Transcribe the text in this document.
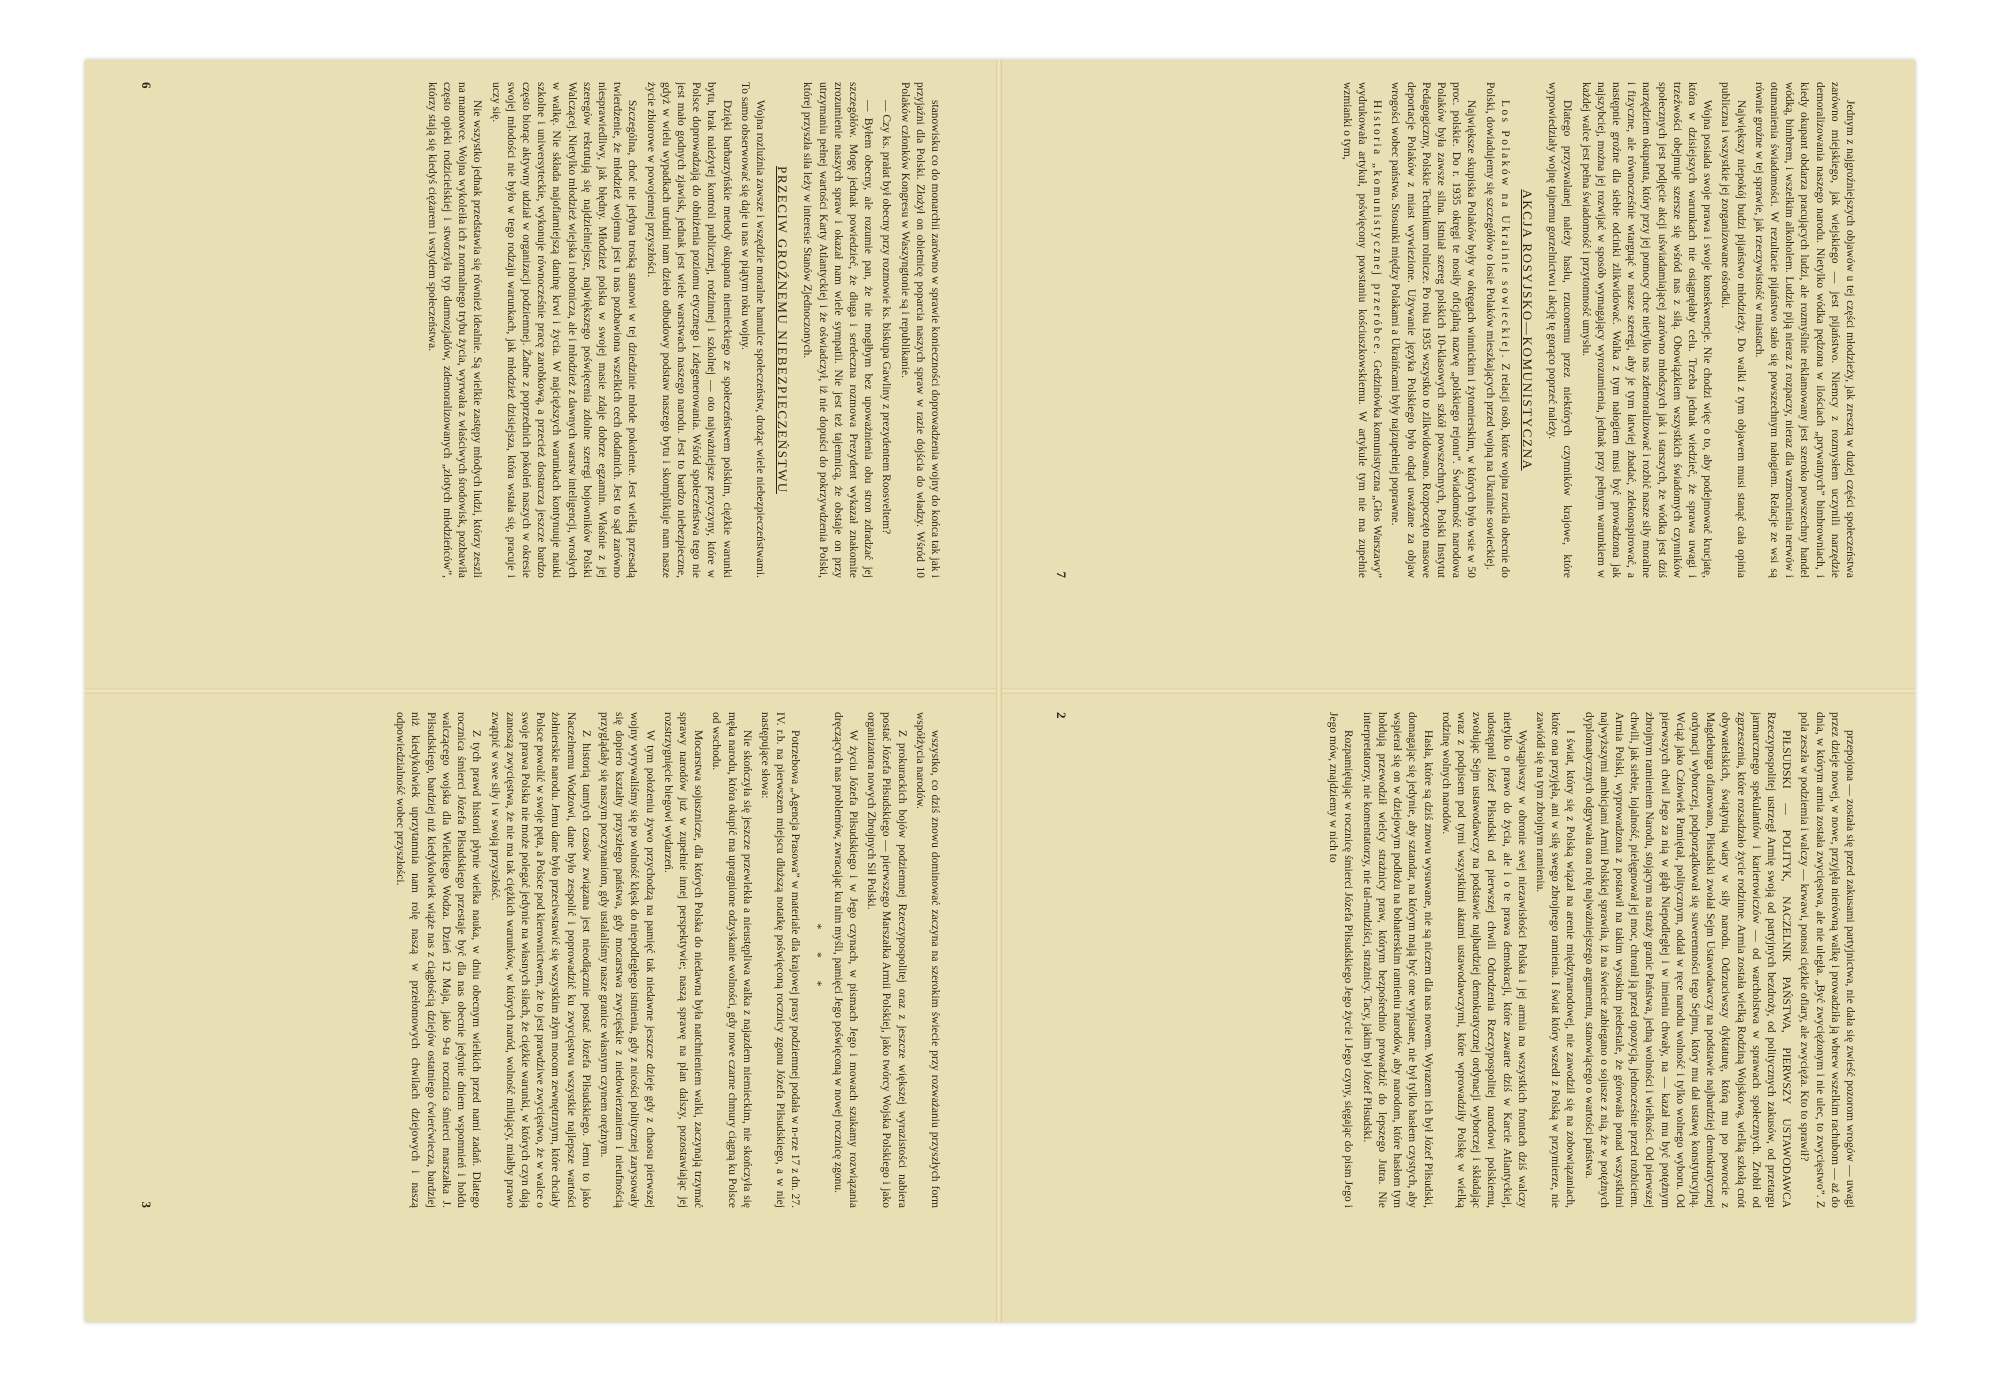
stanowisku co do monarchii zarówno w sprawie konieczności doprowadzenia wojny do końca tak jak i przyjaźni dla Polski. Złożył on obietnicę poparcia naszych spraw w razie dojścia do władzy. Wśród 10 Polaków członków Kongresu w Waszyngtonie są i republikanie.

— Czy ks. prałat był obecny przy rozmowie ks. biskupa Gawliny z prezydentem Roosveltem?

— Byłem obecny, ale rozumie pan, że nie mogłbym bez upoważnienia obu stron zdradzać jej szczegółów. Mogę jednak powiedzieć, że długa i serdeczna rozmowa Prezydent wykazał znakomite zrozumienie naszych spraw i okazał nam wiele sympatii. Nie jest też tajemnicą, że obstaje on przy utrzymaniu pełnej wartości Karty Atlantyckiej i że oświadczył, iż nie dopuści do pokrzywdzenia Polski, której przyszła siła leży w interesie Stanów Zjednoczonych.

PRZECIW GROŹNEMU NIEBEZPIECZEŃSTWU

Wojna rozluźnia zawsze i wszędzie moralne hamulce społeczeństw, drożąc wiele niebezpieczeństwami. To samo obserwować się daje u nas w piątym roku wojny.

Dzięki barbarzyńskie metody okupanta niemieckiego ze społeczeństwem polskim, ciężkie warunki bytu, brak należytej kontroli publicznej, rodzinnej i szkolnej — oto najważniejsze przyczyny, które w Polsce doprowadzają do obniżenia poziomu etycznego i zdegenerowania. Wśród społeczeństwa tego nie jest mało godnych zjawisk, jednak jest wiele warstwach naszego narodu. Jest to bardzo niebezpieczne, gdyż w wielu wypadkach utrudni nam dzieło odbudowy podstaw naszego bytu i skomplikuje nam nasze życie zbiorowe w powojennej przyszłości.

Szczególna, choć nie jedyna troską stanowi w tej dziedzinie młode pokolenie. Jest wielką przesadą twierdzenie, że młodzież wojenna jest u nas pozbawiona wszelkich cech dodatnich. Jest to sąd zarówno niesprawiedliwy, jak błędny. Młodzież polska w swojej masie zdaje dobrze egzamin. Właśnie z jej szeregów rekrutują się najdzielniejsze, największego poświęcenia zdolne szeregi bojowników Polski Walczącej. Nietylko młodzież wiejska i robotnicza, ale i młodzież z dawnych warstw inteligencji, wrosłych w walkę. Nie składa najofiarniejszą daninę krwi i życia. W najcięższych warunkach kontynuuje nauki szkolne i uniwersyteckie, wykonuje równocześnie pracę zarobkową, a przecież dostarcza jeszcze bardzo często biorąc aktywny udział w organizacji podziemnej. Żadne z poprzednich pokoleń naszych w okresie swojej młodości nie było w tego rodzaju warunkach, jak młodzież dzisiejsza, która wstała się, pracuje i uczy się.

Nie wszystko jednak przedstawia się również idealnie. Są wielkie zastępy młodych ludzi, którzy zeszli na manowce. Wojna wykoleiła ich z normalnego trybu życia, wyrwała z właściwych środowisk, pozbawiła często opieki rodzicielskiej i stworzyła typ darmozjadów, zdemoralizowanych „złotych młodzieńców”, którzy stają się kiedyś ciężarem i wstydem społeczeństwa.

6

Jednym z najgroźniejszych objawów u tej części młodzieży, jak zresztą w dużej części społeczeństwa zarówno miejskiego, jak wiejskiego — jest pijaństwo. Niemcy z rozmysłem uczynili narzędzie demoralizowania naszego narodu. Nietylko wódka pędzona w ilościach „prywatnych” bimbrowniach, i kiedy okupant obdarza pracujących ludzi, ale rozmyślnie reklamowany jest szeroko powszechny handel wódką, bimbrem, i wszelkim alkoholem. Ludzie piją nieraz z rozpaczy, nieraz dla wzmocnienia nerwów i otumanienia świadomości. W rezultacie pijaństwo stało się powszechnym nałogiem. Relacje ze wsi są równie groźne w tej sprawie, jak rzeczywistość w miastach.

Największy niepokój budzi pijaństwo młodzieży. Do walki z tym objawem musi stanąć cała opinia publiczna i wszystkie jej zorganizowane ośrodki.

Wojna posiada swoje prawa i swoje konsekwencje. Nie chodzi więc o to, aby podejmować krucjatę, która w dzisiejszych warunkach nie osiągnęłaby celu. Trzeba jednak wiedzieć, że sprawa uwagi i trzeźwości obejmuje szersze się wśród nas z siłą. Obowiązkiem wszystkich świadomych czynników społecznych jest podjęcie akcji uświadamiającej zarówno młodszych jak i starszych, że wódka jest dziś narzędziem okupanta, który przy jej pomocy chce nietylko nas zdemoralizować i rozbić nasze siły moralne i fizyczne, ale równocześnie wtargnąć w nasze szeregi, aby je tym łatwiej zbadać, zdekonspirować, a następnie groźne dla siebie odcinki zlikwidować. Walka z tym nałogiem musi być prowadzona jak najszybciej, można jej rozwijać w sposób wymagający wyrozumienia, jednak przy pełnym warunkiem w każdej walce jest pełna świadomość i przytomność umysłu.

Dlatego przyzwalanej należy hasłu, rzuconemu przez niektórych czynników krajowe, które wypowiedziały wojnę tajnemu gorzelnictwu i akcję tę gorąco poprzeć należy.

AKCJA ROSYJSKO—KOMUNISTYCZNA

Los Polaków na Ukrainie sowieckiej. Z relacji osób, które wojna rzuciła obecnie do Polski, dowiadujemy się szczegółów o losie Polaków mieszkających przed wojną na Ukrainie sowieckiej.

Największe skupiska Polaków były w okręgach winnickim i żytomierskim, w których było wsie w 50 proc. polskie. Do r. 1935 okręgi te nosiły oficjalną nazwę „polskiego rejonu”. Świadomość narodowa Polaków była zawsze silna. Istniał szereg polskich 10-klasowych szkół powszechnych, Polski Instytut Pedagogiczny, Polskie Technikum rolnicze. Po roku 1935 wszystko to zlikwidowano. Rozpoczęto masowe deportacje Polaków z miast wywiezione. Używanie języka Polskiego było odtąd uważane za objaw wrogości wobec państwa. Stosunki między Polakami a Ukraińcami były najzupełniej poprawne.

Historia „komunistycznej przeróbce. Gedzinówka komunistyczna „Głos Warszawy” wydrukowała artykuł, poświęcony powstaniu kościuszkowskiemu. W artykule tym nie ma zupełnie wzmianki o tym,

7

wszystko, co dziś znowu dominować zaczyna na szerokim świecie przy rozważaniu przyszłych form współżycia narodów.

Z prokurackich bojów podziemnej Rzeczypospolitej oraz z jeszcze większej wyrazistości nabiera postać Józefa Piłsudskiego — pierwszego Marszałka Armii Polskiej, jako twórcy Wojska Polskiego i jako organizatora nowych Zbrojnych Sił Polski.

W życiu Józefa Piłsudskiego i w Jego czynach, w pismach Jego i mowach szukamy rozwiązania dręczących nas problemów, zwracając ku nim myśli, pamięci Jego poświęconą w nowej rocznicę zgonu.

* * *

Potrzebowa „Agencja Prasowa” w materiale dla krajowej prasy podziemnej podała w n-rze 17 z dn. 27. IV. r.b. na pierwszem miejscu dłuższą notatkę poświęconą rocznicy zgonu Józefa Piłsudskiego, a w niej następujące słowa:

Nie skończyła się jeszcze przewlekła a nieustępliwa walka z najazdem niemieckim, nie skończyła się męka narodu, która okupić ma upragnione odzyskanie wolności, gdy nowe czarne chmury ciągną ku Polsce od wschodu.

Mocarstwa sojusznicze, dla których Polska do niedawna była natchnieniem walki, zaczynają trzymać sprawy narodów już w zupełnie innej perspektywie; naszą sprawę na plan dalszy, pozostawiając jej rozstrzygnięcie biegowi wydarzeń.

W tym położeniu żywo przychodzą na pamięć tak niedawne jeszcze dzieje gdy z chaosu pierwszej wojny wyrywaliśmy się po wolność klęsk do niepodległego istnienia, gdy z nicości politycznej zarysowały się dopiero kształty przyszłego państwa, gdy mocarstwa zwycięskie z niedowierzaniem i nieufnością przyglądały się naszym poczynaniom, gdy ustalaliśmy nasze granice własnym czynem orężnym.

Z historią tamtych czasów związana jest nieodłącznie postać Józefa Piłsudskiego. Jemu to jako Naczelnemu Wodzowi, dane było zespolić i poprowadzić ku zwycięstwu wszystkie najlepsze wartości żołnierskie narodu. Jemu dane było przeciwstawić się wszystkim złym mocom zewnętrznym, które chciały Polsce powolić w swoje pęta, a Polsce pod kierownictwem, że to jest prawdziwe zwycięstwo, że w walce o swoje prawa Polska nie może polegać jedynie na własnych siłach, że ciężkie warunki, w których czyn dają zanoszą zwycięstwa, że nie ma tak ciężkich warunków, w których naród, wolność miłujący, miałby prawo zwątpić w swe siły i w swoją przyszłość.

Z tych prawd historii płynie wielka nauka, w dniu obecnym wielkich przed nami zadań. Dlatego rocznica śmierci Józefa Piłsudskiego przestaje być dla nas obecnie jedynie dniem wspomnień i hołdu walczącego wojska dla Wielkiego Wodza. Dzień 12 Maja, jako 9-ta rocznica śmierci marszałka J. Piłsudskiego, bardziej niż kiedykolwiek wiąże nas z ciągłością dziejów ostatniego ćwierćwiecza, bardziej niż kiedykolwiek uprzytamnia nam rolę naszą w przełomowych chwilach dziejowych i naszą odpowiedzialność wobec przyszłości.

3	przepojona — została się przed zakusami partyjnictwa, nie dała się zwieść pozorom wrogów — uwagi przez dzieje nowej, w nowe, przyjęła nierówną walkę i prowadziła ją wbrew wszelkim rachubom — aż do dnia, w którym armia została zwycięstwa, ale nie uległa. „Być zwyciężonym i nie ulec, to zwycięstwo”. Z pola zeszła w podziemia i walczy — krwawi, ponosi ciężkie ofiary, ale zwycięża. Kto to sprawił?

PIŁSUDSKI — POLITYK, NACZELNIK PAŃSTWA, PIERWSZY USTAWODAWCA Rzeczypospolitej ustrzegł Armię swoją od partyjnych bezdroży, od politycznych zakusów, od przetargu jarmarcznego spekulantów i karierowiczów — od warcholstwa w sprawach społecznych. Zrobił od zgrzeszenia, które rozsadzało życie rodzinne. Armia została wielką Rodziną Wojskową, wielką szkołą cnót obywatelskich, świątynią wiary w siły narodu. Odrzuciwszy dyktaturę, którą mu po powrocie z Magdeburga ofiarowano, Piłsudski zwołał Sejm Ustawodawczy na podstawie najbardziej demokratycznej ordynacji wyborczej, podporządkował się suwerenności tego Sejmu, który mu dał ustawę konstytucyjną. Wciąż jako Człowiek Pamiętał, politycznym, oddał w ręce narodu wolność i tylko wolnego wyboru. Od pierwszych chwil Jego za nią w głąb Niepodległej i w imieniu chwały, na — kazał mu być potężnym zbrojnym ramieniem Narodu, stojącym na straży granic Państwa, jedną wolności i wielkości. Od pierwszej chwili, jak siebie, lojalność, pielęgnował jej moc, chronił ją przed opozycją, jednocześnie przed rozbiciem. Armia Polski, wyprowadzona z postawił na takim wysokim piedestale, że górowała ponad wszystkimi najwyższymi ambicjami Armii Polskiej sprawiła, iż na świecie zabiegano o sojusze z nią, że w potężnych dyplomatycznych odgrywała ona rolę najważniejszego argumentu, stanowiącego o wartości państwa.

I świat, który się z Polską wiązał na arenie międzynarodowej, nie zawodził się na zobowiązaniach, które ona przyjęła, ani w siłę swego zbrojnego ramienia. I świat który wszedł z Polską w przymierze, nie zawiódł się na tym zbrojnym ramieniu.

Wystąpiwszy w obronie swej niezawisłości Polska i jej armia na wszystkich frontach dziś walczy nietylko o prawo do życia, ale i o te prawa demokracji, które zawarte dziś w Karcie Atlantyckiej, udostępnił Józef Piłsudski od pierwszej chwili Odrodzenia Rzeczypospolitej narodowi polskiemu, zwołując Sejm ustawodawczy na podstawie najbardziej demokratycznej ordynacji wyborczej i składając wraz z podpisem pod tymi wszystkimi aktami ustawodawczymi, które wprowadziły Polskę w wielką rodzinę wolnych narodów.

Hasła, które są dziś znowu wysuwane, nie są niczem dla nas nowem. Wyrazem ich był Józef Piłsudski, domagając się jedynie, aby sztandar, na którym mają być one wypisane, nie był tylko hasłem czystych, aby wspierał się on w dziejowym podłożu na bohaterskim ramieniu narodów, aby narodom, które hasłom tym hołdują przewodził wielcy strażnicy praw, którym bezpośrednio prowadzić do lepszego Jutra. Nie interpretatorzy, nie komentatorzy, nie tal-mudziści, strażnicy. Tacy, jakim był Józef Piłsudski.

Rozpamiętując w rocznicę śmierci Józefa Piłsudskiego Jego życie i Jego czyny, sięgając do pism Jego i Jego mów, znajdziemy w nich to

2
